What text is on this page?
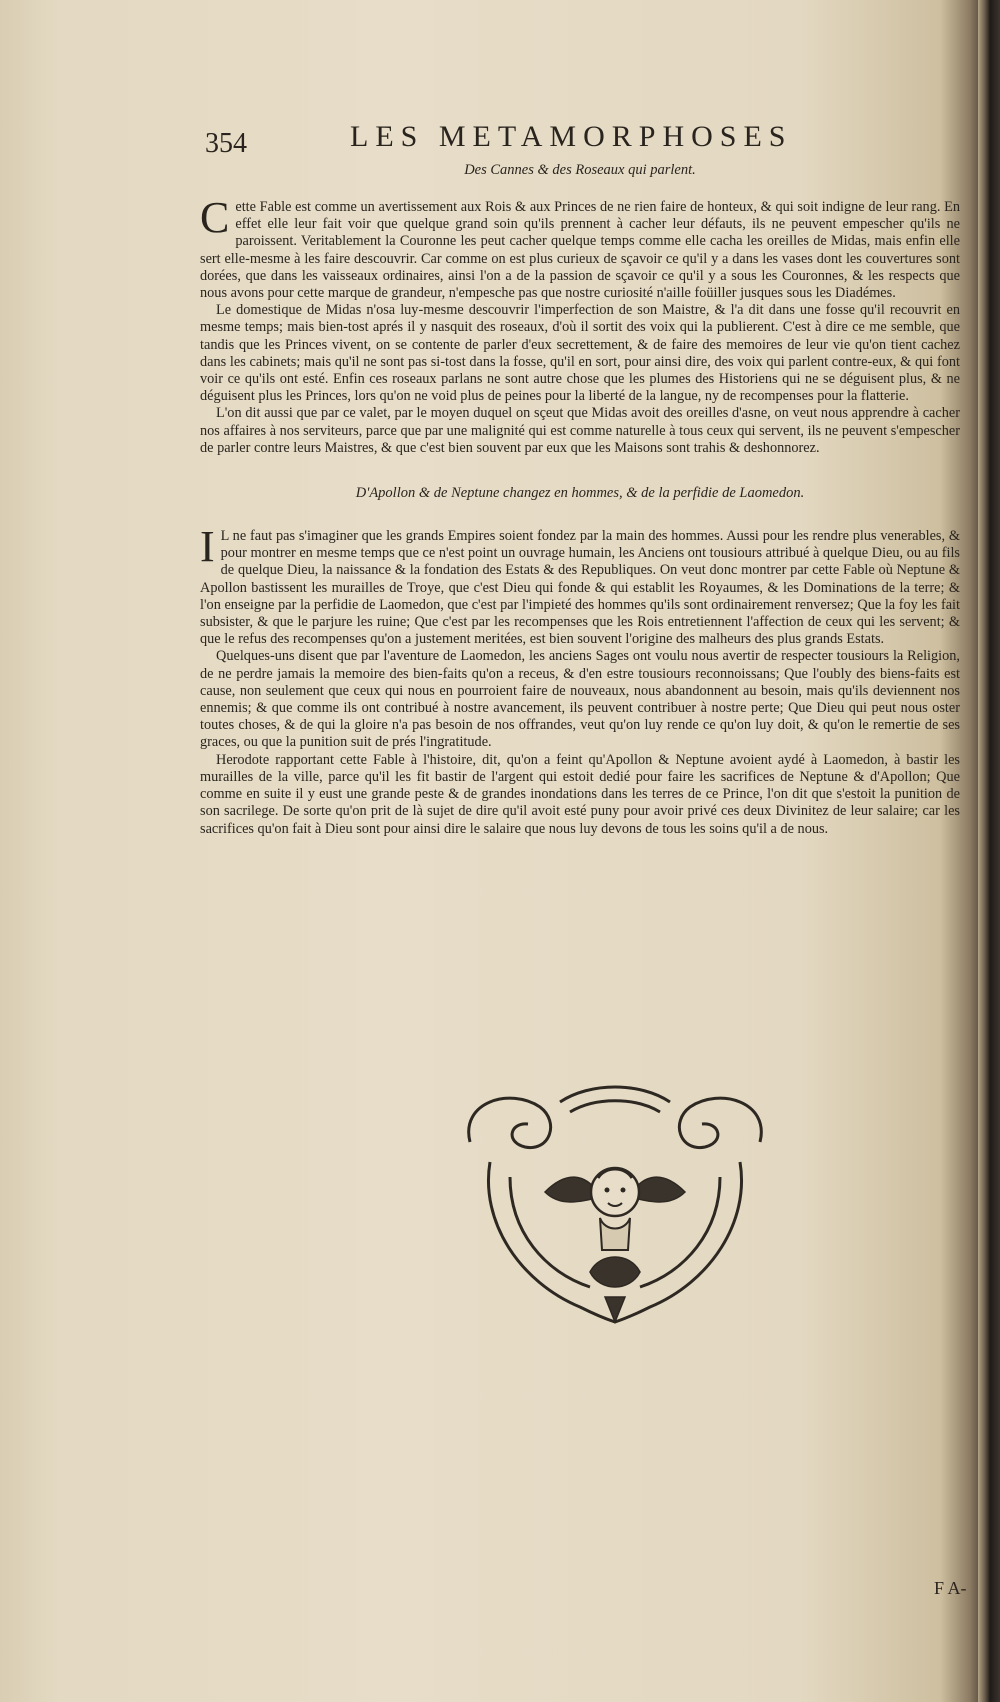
354	LES METAMORPHOSES
Des Cannes & des Roseaux qui parlent.

Cette Fable est comme un avertissement aux Rois & aux Princes de ne rien faire de honteux, & qui soit indigne de leur rang. En effet elle leur fait voir que quelque grand soin qu'ils prennent à cacher leur défauts, ils ne peuvent empescher qu'ils ne paroissent. Veritablement la Couronne les peut cacher quelque temps comme elle cacha les oreilles de Midas, mais enfin elle sert elle-mesme à les faire descouvrir. Car comme on est plus curieux de sçavoir ce qu'il y a dans les vases dont les couvertures sont dorées, que dans les vaisseaux ordinaires, ainsi l'on a de la passion de sçavoir ce qu'il y a sous les Couronnes, & les respects que nous avons pour cette marque de grandeur, n'empesche pas que nostre curiosité n'aille foüiller jusques sous les Diadémes.

Le domestique de Midas n'osa luy-mesme descouvrir l'imperfection de son Maistre, & l'a dit dans une fosse qu'il recouvrit en mesme temps; mais bien-tost aprés il y nasquit des roseaux, d'où il sortit des voix qui la publierent. C'est à dire ce me semble, que tandis que les Princes vivent, on se contente de parler d'eux secrettement, & de faire des memoires de leur vie qu'on tient cachez dans les cabinets; mais qu'il ne sont pas si-tost dans la fosse, qu'il en sort, pour ainsi dire, des voix qui parlent contre-eux, & qui font voir ce qu'ils ont esté. Enfin ces roseaux parlans ne sont autre chose que les plumes des Historiens qui ne se déguisent plus, & ne déguisent plus les Princes, lors qu'on ne void plus de peines pour la liberté de la langue, ny de recompenses pour la flatterie.

L'on dit aussi que par ce valet, par le moyen duquel on sçeut que Midas avoit des oreilles d'asne, on veut nous apprendre à cacher nos affaires à nos serviteurs, parce que par une malignité qui est comme naturelle à tous ceux qui servent, ils ne peuvent s'empescher de parler contre leurs Maistres, & que c'est bien souvent par eux que les Maisons sont trahis & deshonnorez.

D'Apollon & de Neptune changez en hommes, & de la perfidie de Laomedon.

I L ne faut pas s'imaginer que les grands Empires soient fondez par la main des hommes. Aussi pour les rendre plus venerables, & pour montrer en mesme temps que ce n'est point un ouvrage humain, les Anciens ont tousiours attribué à quelque Dieu, ou au fils de quelque Dieu, la naissance & la fondation des Estats & des Republiques. On veut donc montrer par cette Fable où Neptune & Apollon bastissent les murailles de Troye, que c'est Dieu qui fonde & qui establit les Royaumes, & les Dominations de la terre; & l'on enseigne par la perfidie de Laomedon, que c'est par l'impieté des hommes qu'ils sont ordinairement renversez; Que la foy les fait subsister, & que le parjure les ruine; Que c'est par les recompenses que les Rois entretiennent l'affection de ceux qui les servent; & que le refus des recompenses qu'on a justement meritées, est bien souvent l'origine des malheurs des plus grands Estats.

Quelques-uns disent que par l'aventure de Laomedon, les anciens Sages ont voulu nous avertir de respecter tousiours la Religion, de ne perdre jamais la memoire des bien-faits qu'on a receus, & d'en estre tousiours reconnoissans; Que l'oubly des biens-faits est cause, non seulement que ceux qui nous en pourroient faire de nouveaux, nous abandonnent au besoin, mais qu'ils deviennent nos ennemis; & que comme ils ont contribué à nostre avancement, ils peuvent contribuer à nostre perte; Que Dieu qui peut nous oster toutes choses, & de qui la gloire n'a pas besoin de nos offrandes, veut qu'on luy rende ce qu'on luy doit, & qu'on le remertie de ses graces, ou que la punition suit de prés l'ingratitude.

Herodote rapportant cette Fable à l'histoire, dit, qu'on a feint qu'Apollon & Neptune avoient aydé à Laomedon, à bastir les murailles de la ville, parce qu'il les fit bastir de l'argent qui estoit dedié pour faire les sacrifices de Neptune & d'Apollon; Que comme en suite il y eust une grande peste & de grandes inondations dans les terres de ce Prince, l'on dit que s'estoit la punition de son sacrilege. De sorte qu'on prit de là sujet de dire qu'il avoit esté puny pour avoir privé ces deux Divinitez de leur salaire; car les sacrifices qu'on fait à Dieu sont pour ainsi dire le salaire que nous luy devons de tous les soins qu'il a de nous.

F A-
